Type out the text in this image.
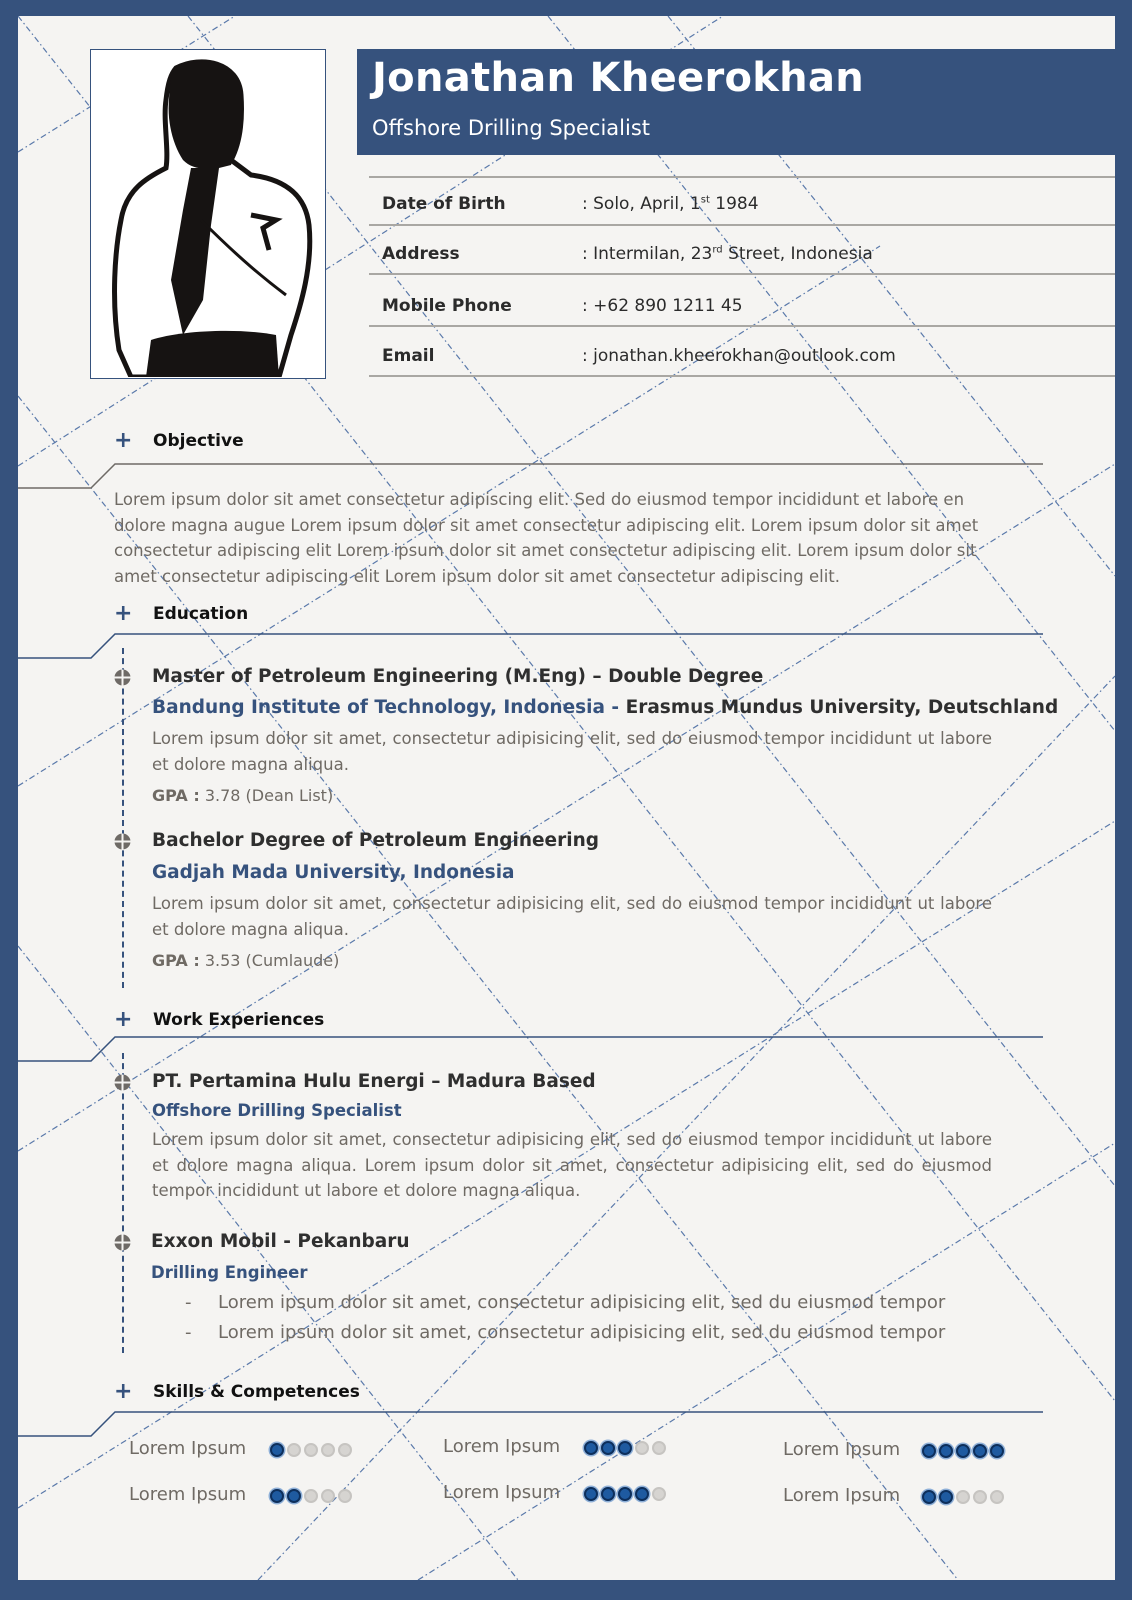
Jonathan Kheerokhan
Offshore Drilling Specialist
Date of Birth	: Solo, April, 1st 1984
Address	: Intermilan, 23rd Street, Indonesia
Mobile Phone	: +62 890 1211 45
Email	: jonathan.kheerokhan@outlook.com
+ Objective
Lorem ipsum dolor sit amet consectetur adipiscing elit. Sed do eiusmod tempor incididunt et labore en dolore magna augue Lorem ipsum dolor sit amet consectetur adipiscing elit. Lorem ipsum dolor sit amet consectetur adipiscing elit Lorem ipsum dolor sit amet consectetur adipiscing elit. Lorem ipsum dolor sit amet consectetur adipiscing elit Lorem ipsum dolor sit amet consectetur adipiscing elit.
+ Education
Master of Petroleum Engineering (M.Eng) – Double Degree
Bandung Institute of Technology, Indonesia - Erasmus Mundus University, Deutschland
Lorem ipsum dolor sit amet, consectetur adipisicing elit, sed do eiusmod tempor incididunt ut labore et dolore magna aliqua.
GPA : 3.78 (Dean List)
Bachelor Degree of Petroleum Engineering
Gadjah Mada University, Indonesia
Lorem ipsum dolor sit amet, consectetur adipisicing elit, sed do eiusmod tempor incididunt ut labore et dolore magna aliqua.
GPA : 3.53 (Cumlaude)
+ Work Experiences
PT. Pertamina Hulu Energi – Madura Based
Offshore Drilling Specialist
Lorem ipsum dolor sit amet, consectetur adipisicing elit, sed do eiusmod tempor incididunt ut labore et dolore magna aliqua. Lorem ipsum dolor sit amet, consectetur adipisicing elit, sed do eiusmod tempor incididunt ut labore et dolore magna aliqua.
Exxon Mobil - Pekanbaru
Drilling Engineer
- Lorem ipsum dolor sit amet, consectetur adipisicing elit, sed du eiusmod tempor
- Lorem ipsum dolor sit amet, consectetur adipisicing elit, sed du eiusmod tempor
+ Skills & Competences
Lorem Ipsum	Lorem Ipsum	Lorem Ipsum
Lorem Ipsum	Lorem Ipsum	Lorem Ipsum
